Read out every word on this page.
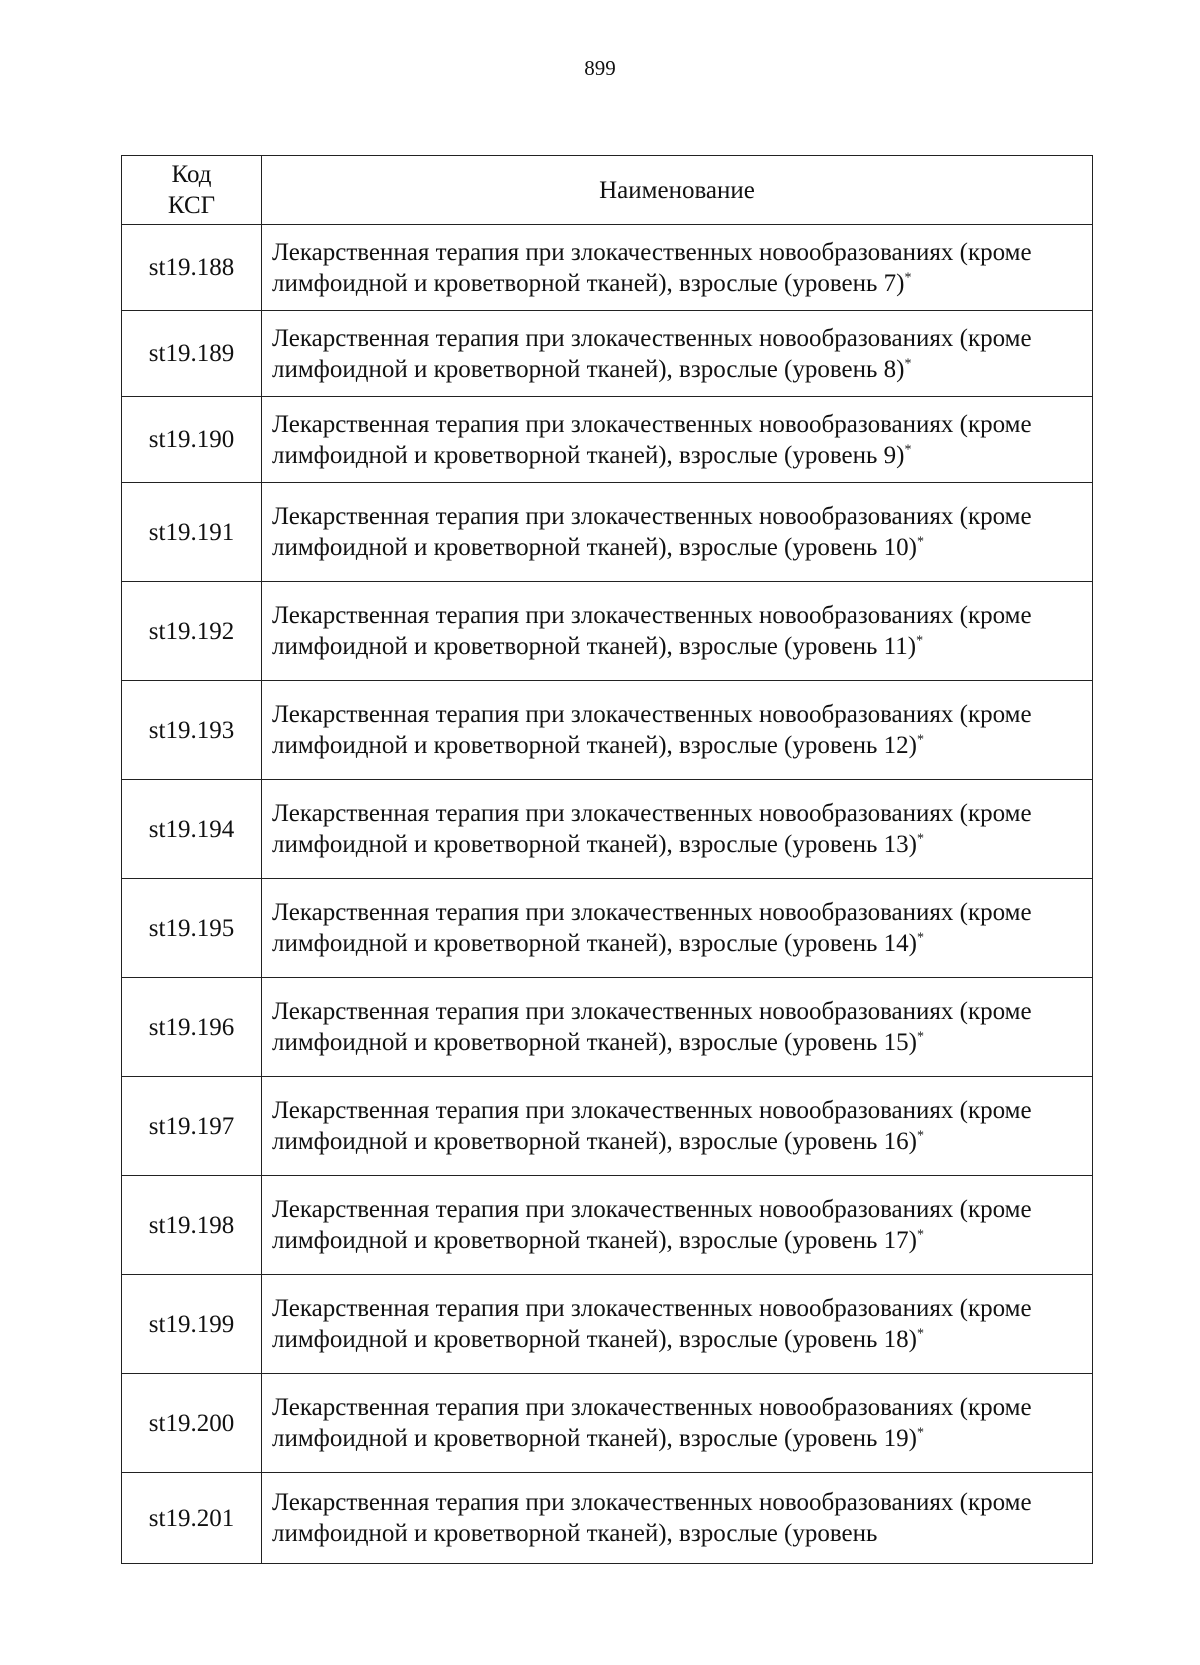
899
Код
КСГ	Наименование
st19.188	Лекарственная терапия при злокачественных новообразованиях (кроме лимфоидной и кроветворной тканей), взрослые (уровень 7)*
st19.189	Лекарственная терапия при злокачественных новообразованиях (кроме лимфоидной и кроветворной тканей), взрослые (уровень 8)*
st19.190	Лекарственная терапия при злокачественных новообразованиях (кроме лимфоидной и кроветворной тканей), взрослые (уровень 9)*
st19.191	Лекарственная терапия при злокачественных новообразованиях (кроме лимфоидной и кроветворной тканей), взрослые (уровень 10)*
st19.192	Лекарственная терапия при злокачественных новообразованиях (кроме лимфоидной и кроветворной тканей), взрослые (уровень 11)*
st19.193	Лекарственная терапия при злокачественных новообразованиях (кроме лимфоидной и кроветворной тканей), взрослые (уровень 12)*
st19.194	Лекарственная терапия при злокачественных новообразованиях (кроме лимфоидной и кроветворной тканей), взрослые (уровень 13)*
st19.195	Лекарственная терапия при злокачественных новообразованиях (кроме лимфоидной и кроветворной тканей), взрослые (уровень 14)*
st19.196	Лекарственная терапия при злокачественных новообразованиях (кроме лимфоидной и кроветворной тканей), взрослые (уровень 15)*
st19.197	Лекарственная терапия при злокачественных новообразованиях (кроме лимфоидной и кроветворной тканей), взрослые (уровень 16)*
st19.198	Лекарственная терапия при злокачественных новообразованиях (кроме лимфоидной и кроветворной тканей), взрослые (уровень 17)*
st19.199	Лекарственная терапия при злокачественных новообразованиях (кроме лимфоидной и кроветворной тканей), взрослые (уровень 18)*
st19.200	Лекарственная терапия при злокачественных новообразованиях (кроме лимфоидной и кроветворной тканей), взрослые (уровень 19)*
st19.201	Лекарственная терапия при злокачественных новообразованиях (кроме лимфоидной и кроветворной тканей), взрослые (уровень
